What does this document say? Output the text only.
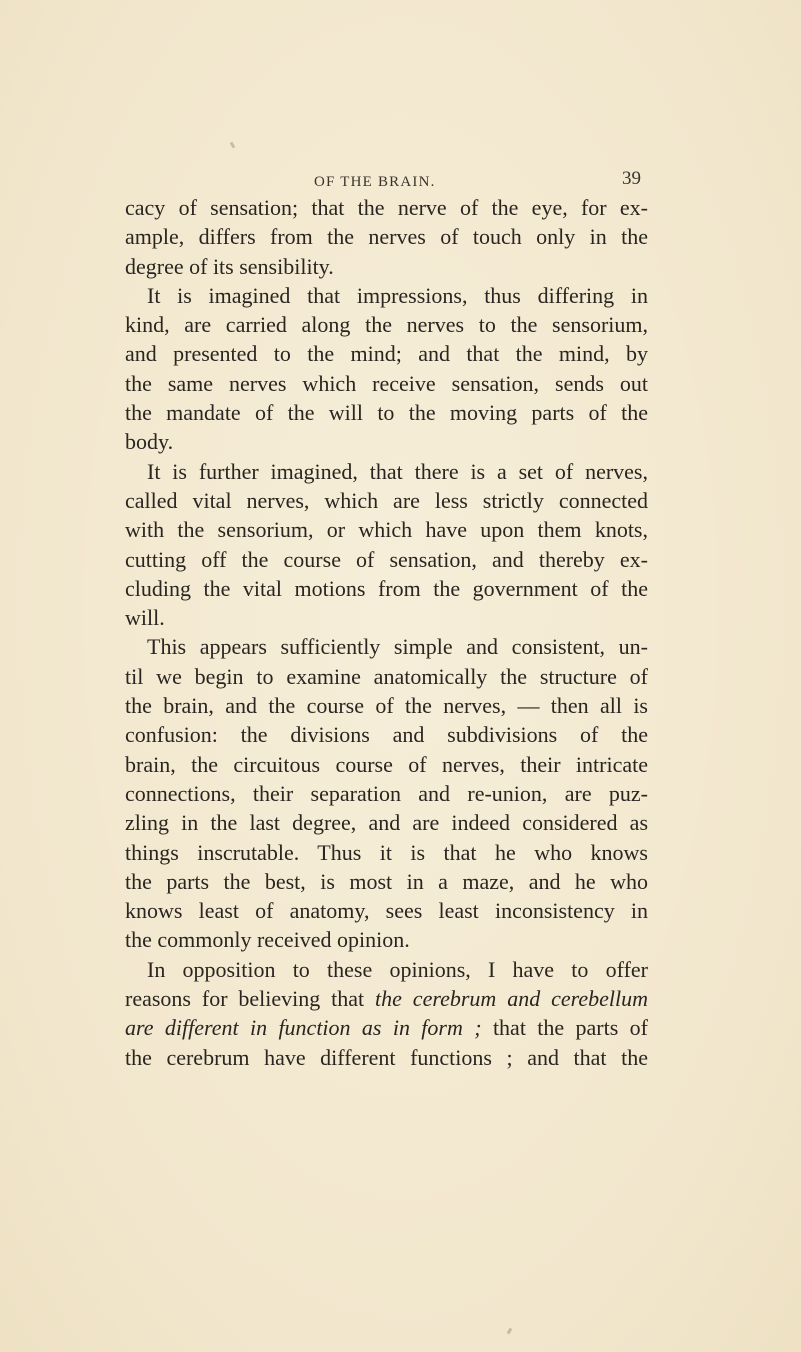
OF THE BRAIN.	39
cacy of sensation; that the nerve of the eye, for ex-
ample, differs from the nerves of touch only in the
degree of its sensibility.
It is imagined that impressions, thus differing in
kind, are carried along the nerves to the sensorium,
and presented to the mind; and that the mind, by
the same nerves which receive sensation, sends out
the mandate of the will to the moving parts of the
body.
It is further imagined, that there is a set of nerves,
called vital nerves, which are less strictly connected
with the sensorium, or which have upon them knots,
cutting off the course of sensation, and thereby ex-
cluding the vital motions from the government of the
will.
This appears sufficiently simple and consistent, un-
til we begin to examine anatomically the structure of
the brain, and the course of the nerves, — then all is
confusion: the divisions and subdivisions of the
brain, the circuitous course of nerves, their intricate
connections, their separation and re-union, are puz-
zling in the last degree, and are indeed considered as
things inscrutable. Thus it is that he who knows
the parts the best, is most in a maze, and he who
knows least of anatomy, sees least inconsistency in
the commonly received opinion.
In opposition to these opinions, I have to offer
reasons for believing that the cerebrum and cerebellum
are different in function as in form ; that the parts of
the cerebrum have different functions ; and that the
